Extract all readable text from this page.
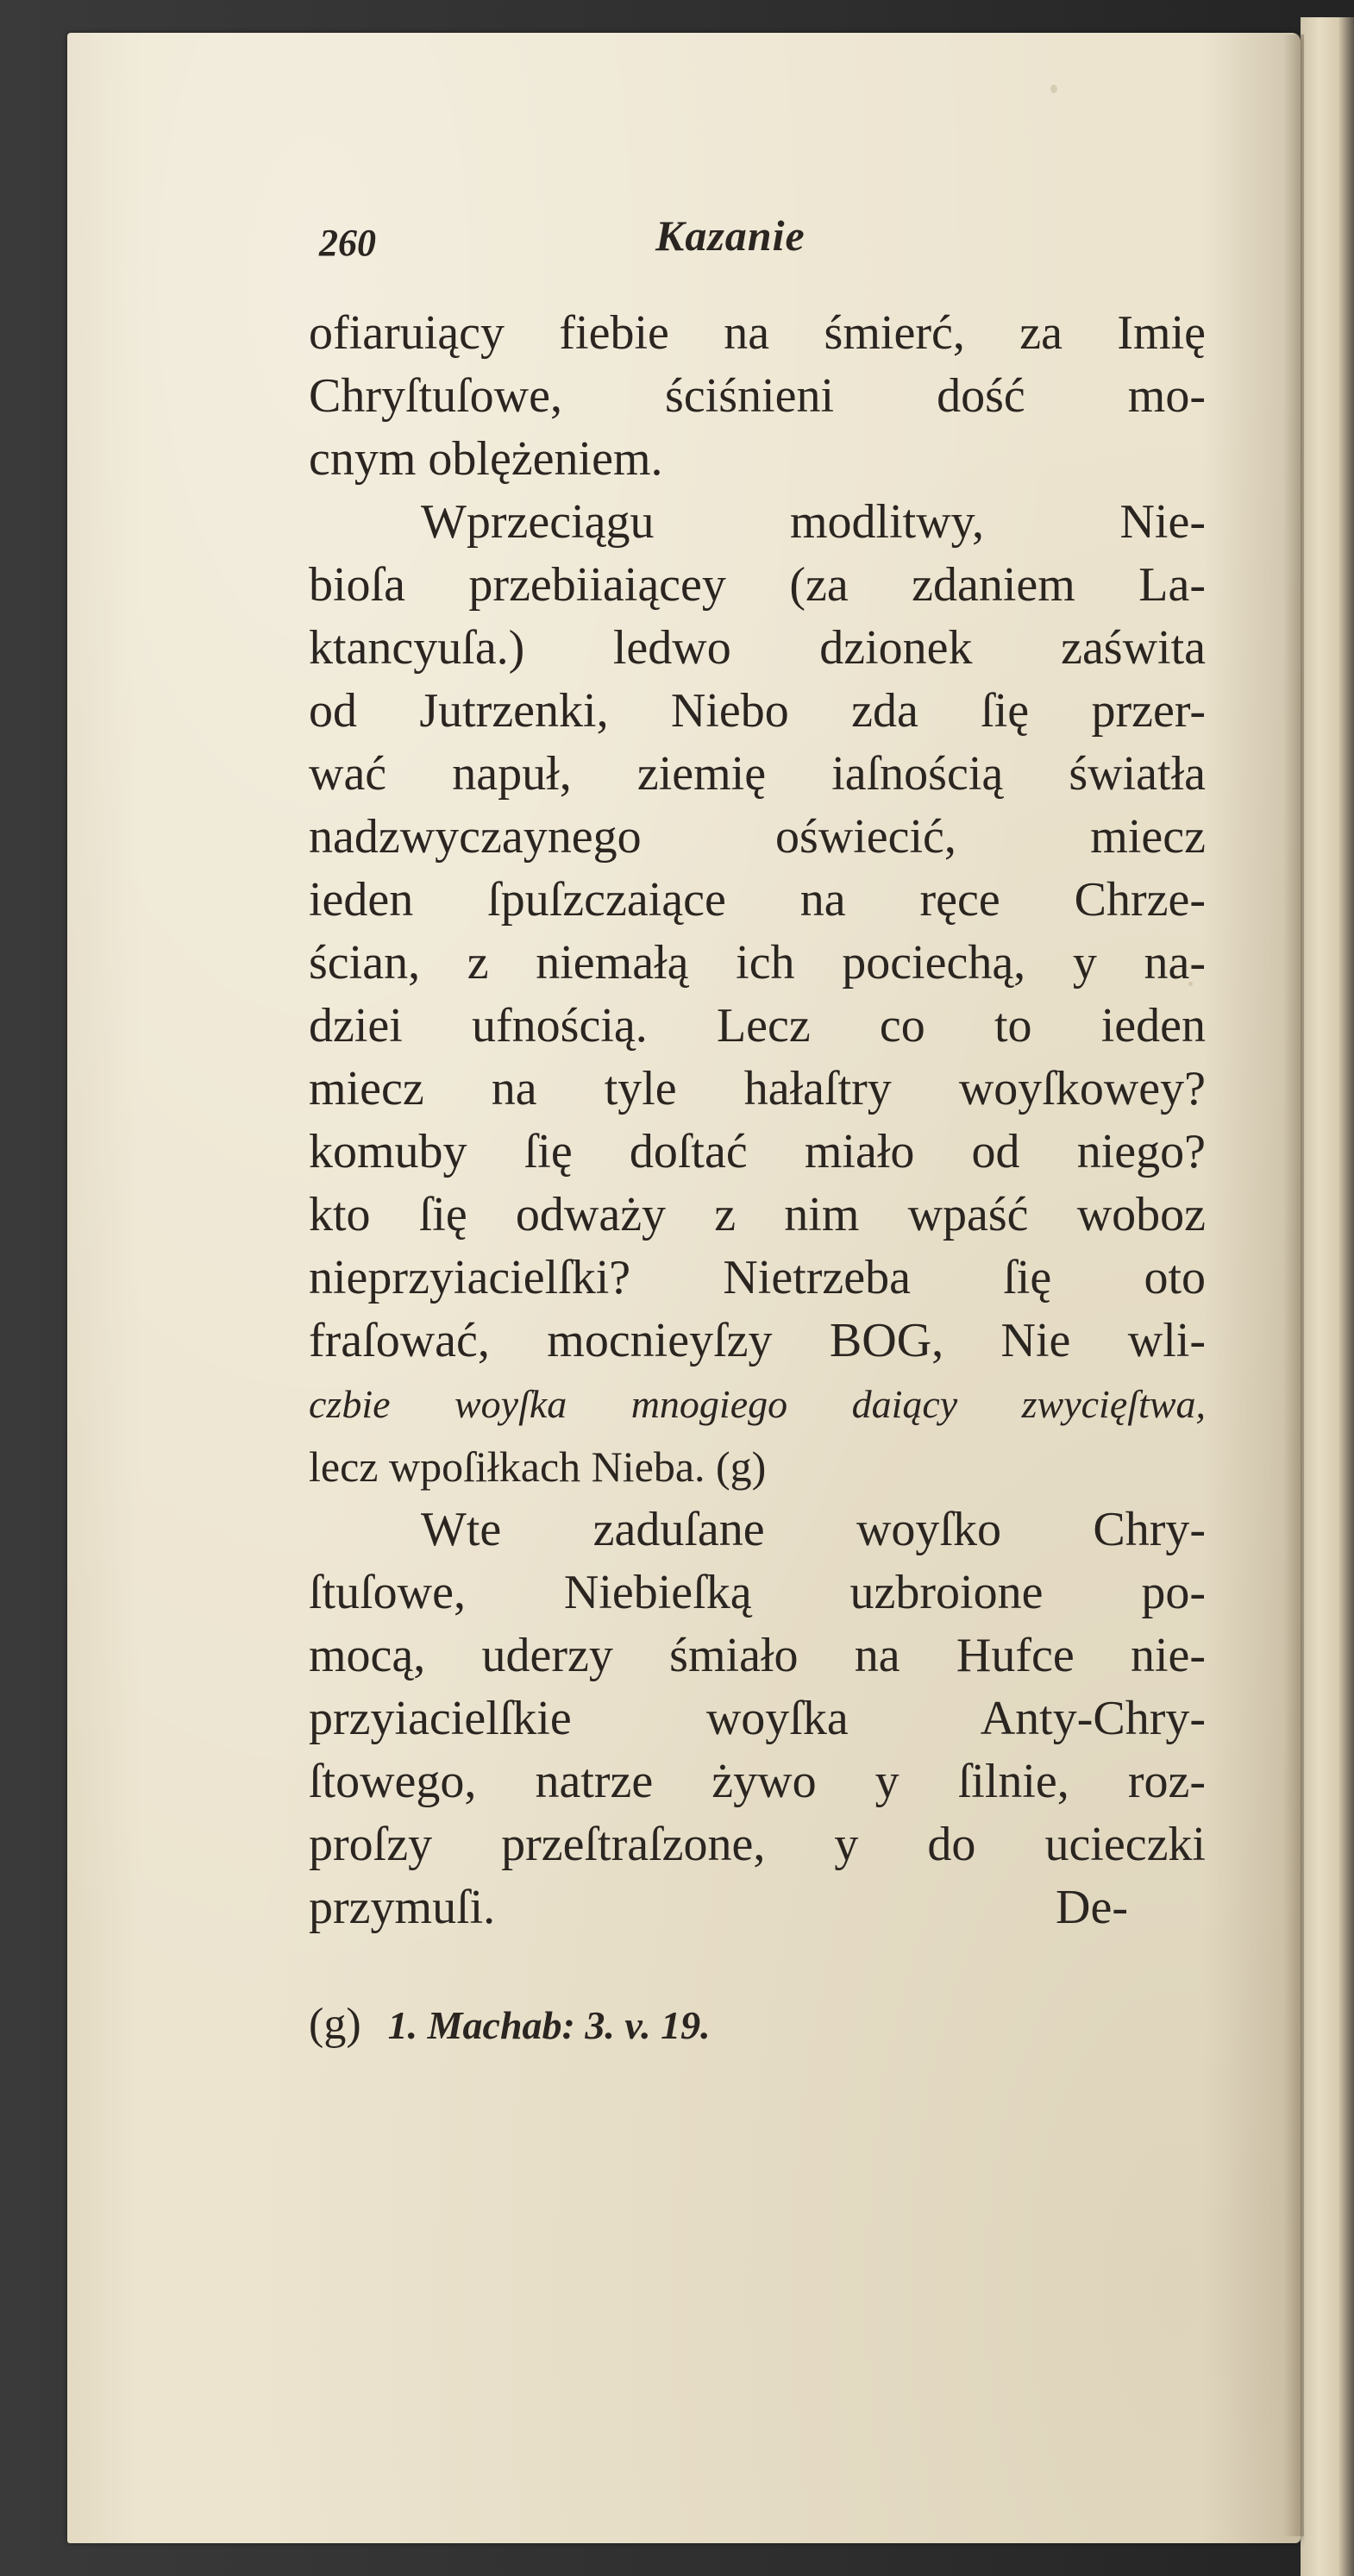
260	Kazanie
ofiaruiący fiebie na śmierć, za Imię
Chryſtuſowe, ściśnieni dość mo-
cnym oblężeniem.
Wprzeciągu modlitwy, Nie-
bioſa przebiiaiącey (za zdaniem La-
ktancyuſa.) ledwo dzionek zaświta
od Jutrzenki, Niebo zda ſię przer-
wać napuł, ziemię iaſnością światła
nadzwyczaynego oświecić, miecz
ieden ſpuſzczaiące na ręce Chrze-
ścian, z niemałą ich pociechą, y na-
dziei ufnością. Lecz co to ieden
miecz na tyle hałaſtry woyſkowey?
komuby ſię doſtać miało od niego?
kto ſię odważy z nim wpaść woboz
nieprzyiacielſki? Nietrzeba ſię oto
fraſować, mocnieyſzy BOG, Nie wli-
czbie woyſka mnogiego daiący zwycięſtwa,
lecz wpoſiłkach Nieba. (g)
Wte zaduſane woyſko Chry-
ſtuſowe, Niebieſką uzbroione po-
mocą, uderzy śmiało na Hufce nie-
przyiacielſkie woyſka Anty-Chry-
ſtowego, natrze żywo y ſilnie, roz-
proſzy przeſtraſzone, y do ucieczki
przymuſi.	De-
(g) 1. Machab: 3. v. 19.
